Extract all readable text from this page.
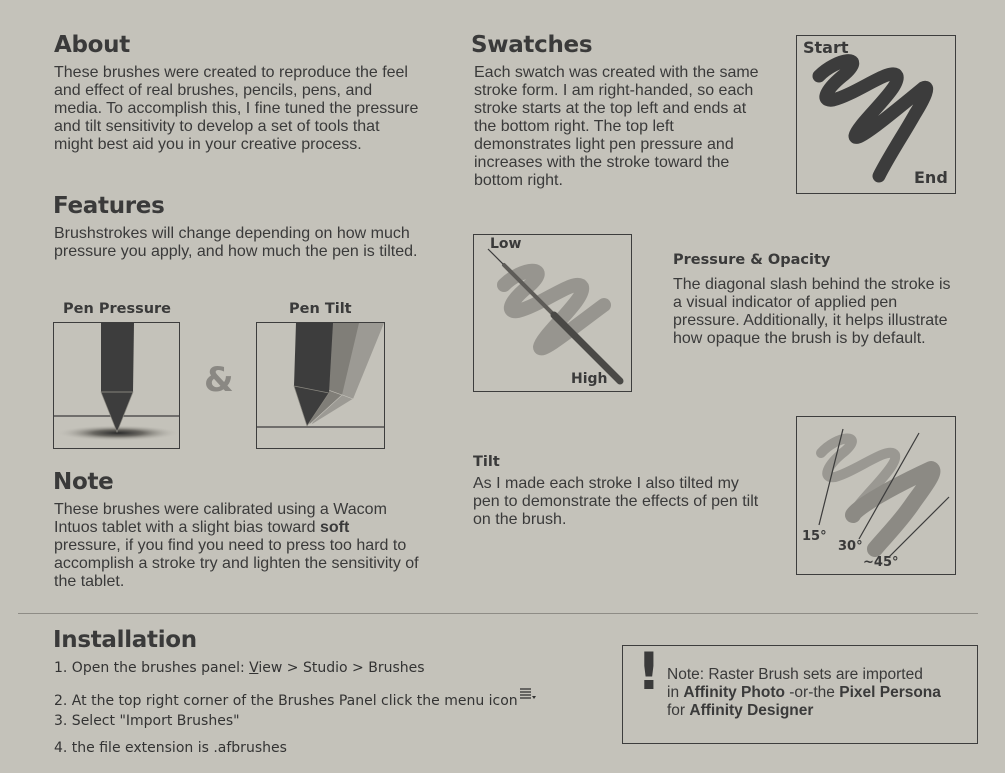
About
These brushes were created to reproduce the feel and effect of real brushes, pencils, pens, and media. To accomplish this, I fine tuned the pressure and tilt sensitivity to develop a set of tools that might best aid you in your creative process.
Features
Brushstrokes will change depending on how much pressure you apply, and how much the pen is tilted.
Pen Pressure
&
Pen Tilt
Note
These brushes were calibrated using a Wacom Intuos tablet with a slight bias toward soft pressure, if you find you need to press too hard to accomplish a stroke try and lighten the sensitivity of the tablet.
Swatches
Each swatch was created with the same stroke form. I am right-handed, so each stroke starts at the top left and ends at the bottom right. The top left demonstrates light pen pressure and increases with the stroke toward the bottom right.
Start
End
Low
High
Pressure & Opacity
The diagonal slash behind the stroke is a visual indicator of applied pen pressure. Additionally, it helps illustrate how opaque the brush is by default.
Tilt
As I made each stroke I also tilted my pen to demonstrate the effects of pen tilt on the brush.
15°
30°
~45°
Installation
1. Open the brushes panel: View > Studio > Brushes
2. At the top right corner of the Brushes Panel click the menu icon
3. Select "Import Brushes"
4. the file extension is .afbrushes
! Note: Raster Brush sets are imported
in Affinity Photo -or-the Pixel Persona
for Affinity Designer
